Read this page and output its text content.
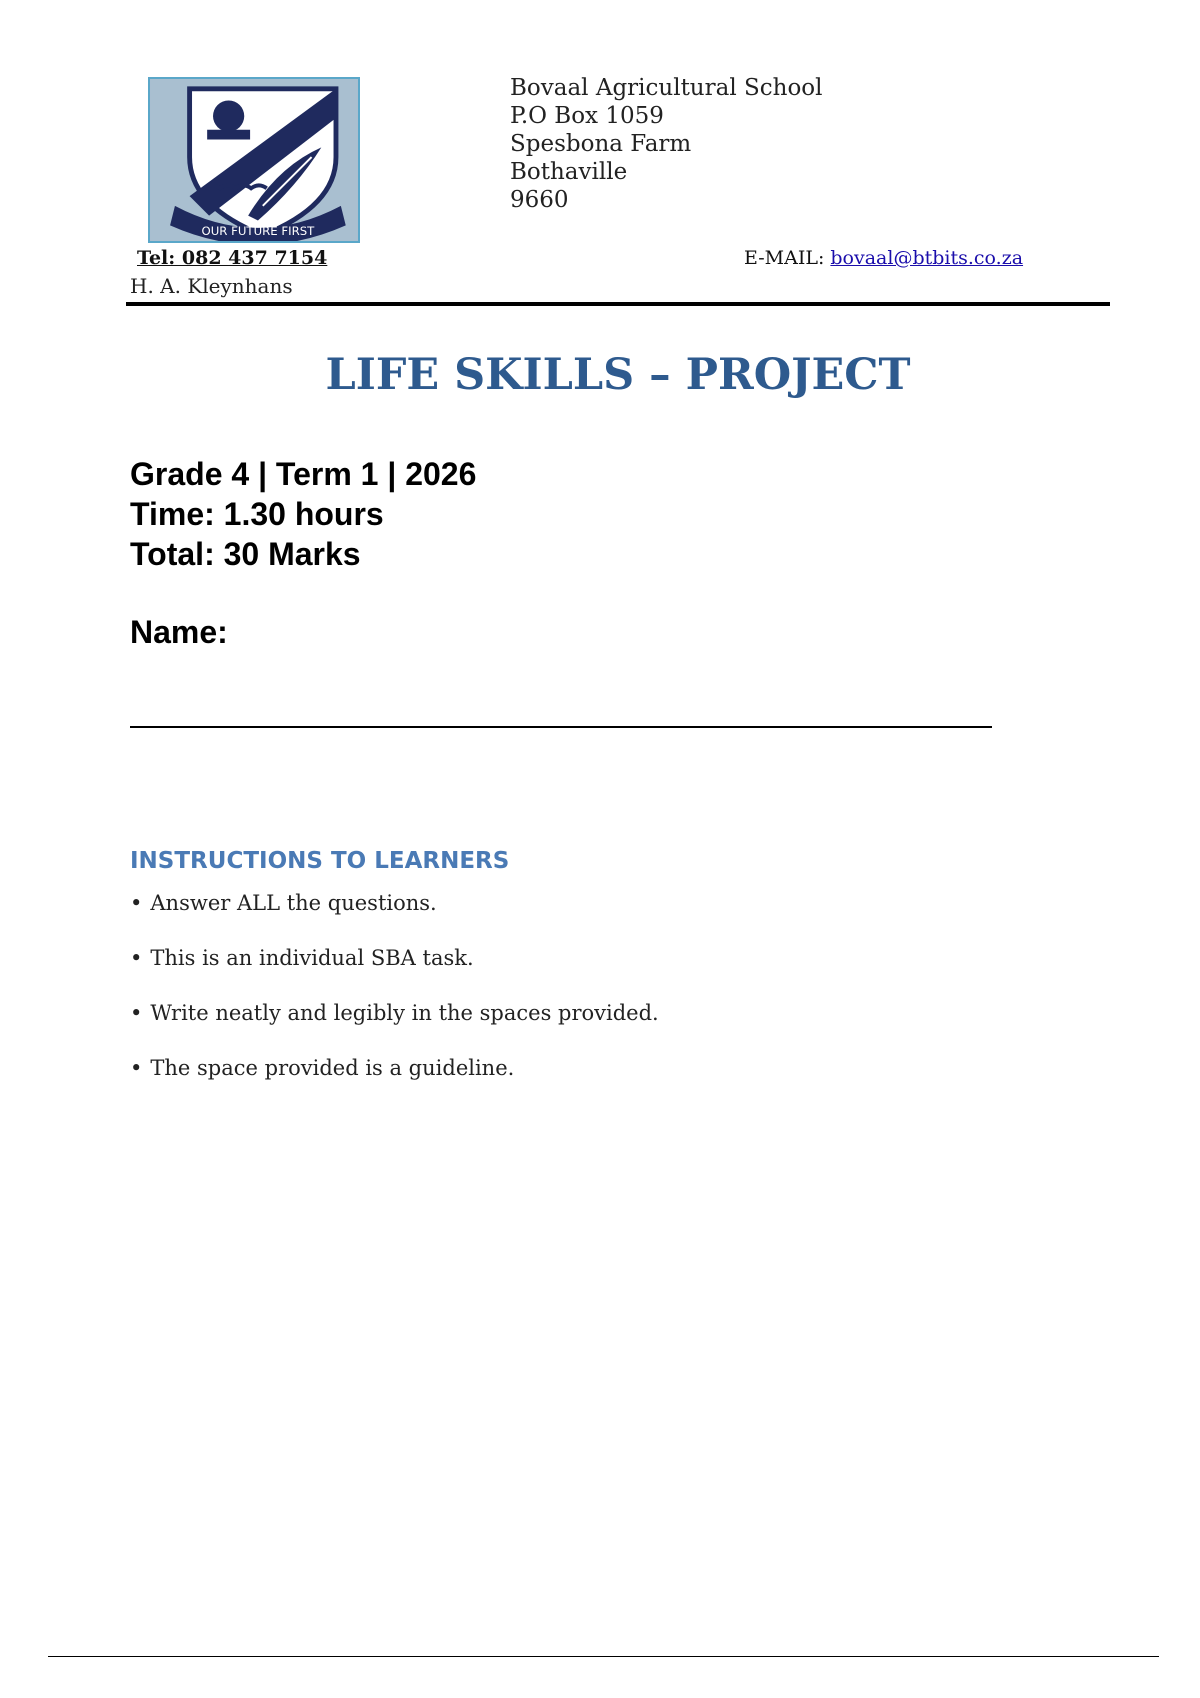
OUR FUTURE FIRST
Bovaal Agricultural School
P.O Box 1059
Spesbona Farm
Bothaville
9660
Tel: 082 437 7154	E-MAIL: bovaal@btbits.co.za
H. A. Kleynhans
LIFE SKILLS – PROJECT
Grade 4 | Term 1 | 2026
Time: 1.30 hours
Total: 30 Marks
Name:
INSTRUCTIONS TO LEARNERS
• Answer ALL the questions.
• This is an individual SBA task.
• Write neatly and legibly in the spaces provided.
• The space provided is a guideline.
